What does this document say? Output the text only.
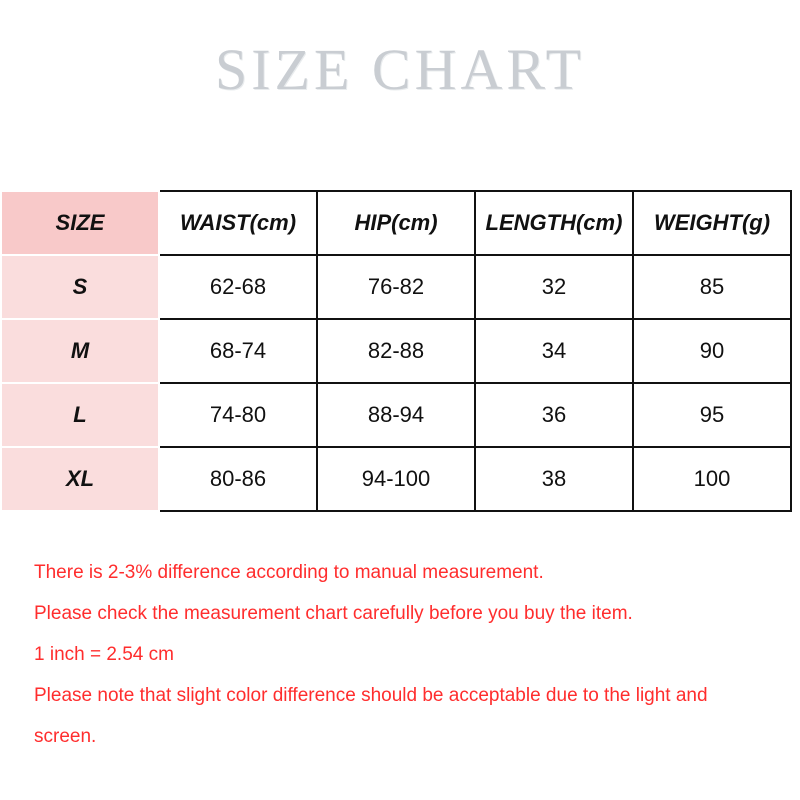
SIZE CHART
SIZE	WAIST(cm)	HIP(cm)	LENGTH(cm)	WEIGHT(g)
S	62-68	76-82	32	85
M	68-74	82-88	34	90
L	74-80	88-94	36	95
XL	80-86	94-100	38	100
There is 2-3% difference according to manual measurement.
Please check the measurement chart carefully before you buy the item.
1 inch = 2.54 cm
Please note that slight color difference should be acceptable due to the light and screen.
